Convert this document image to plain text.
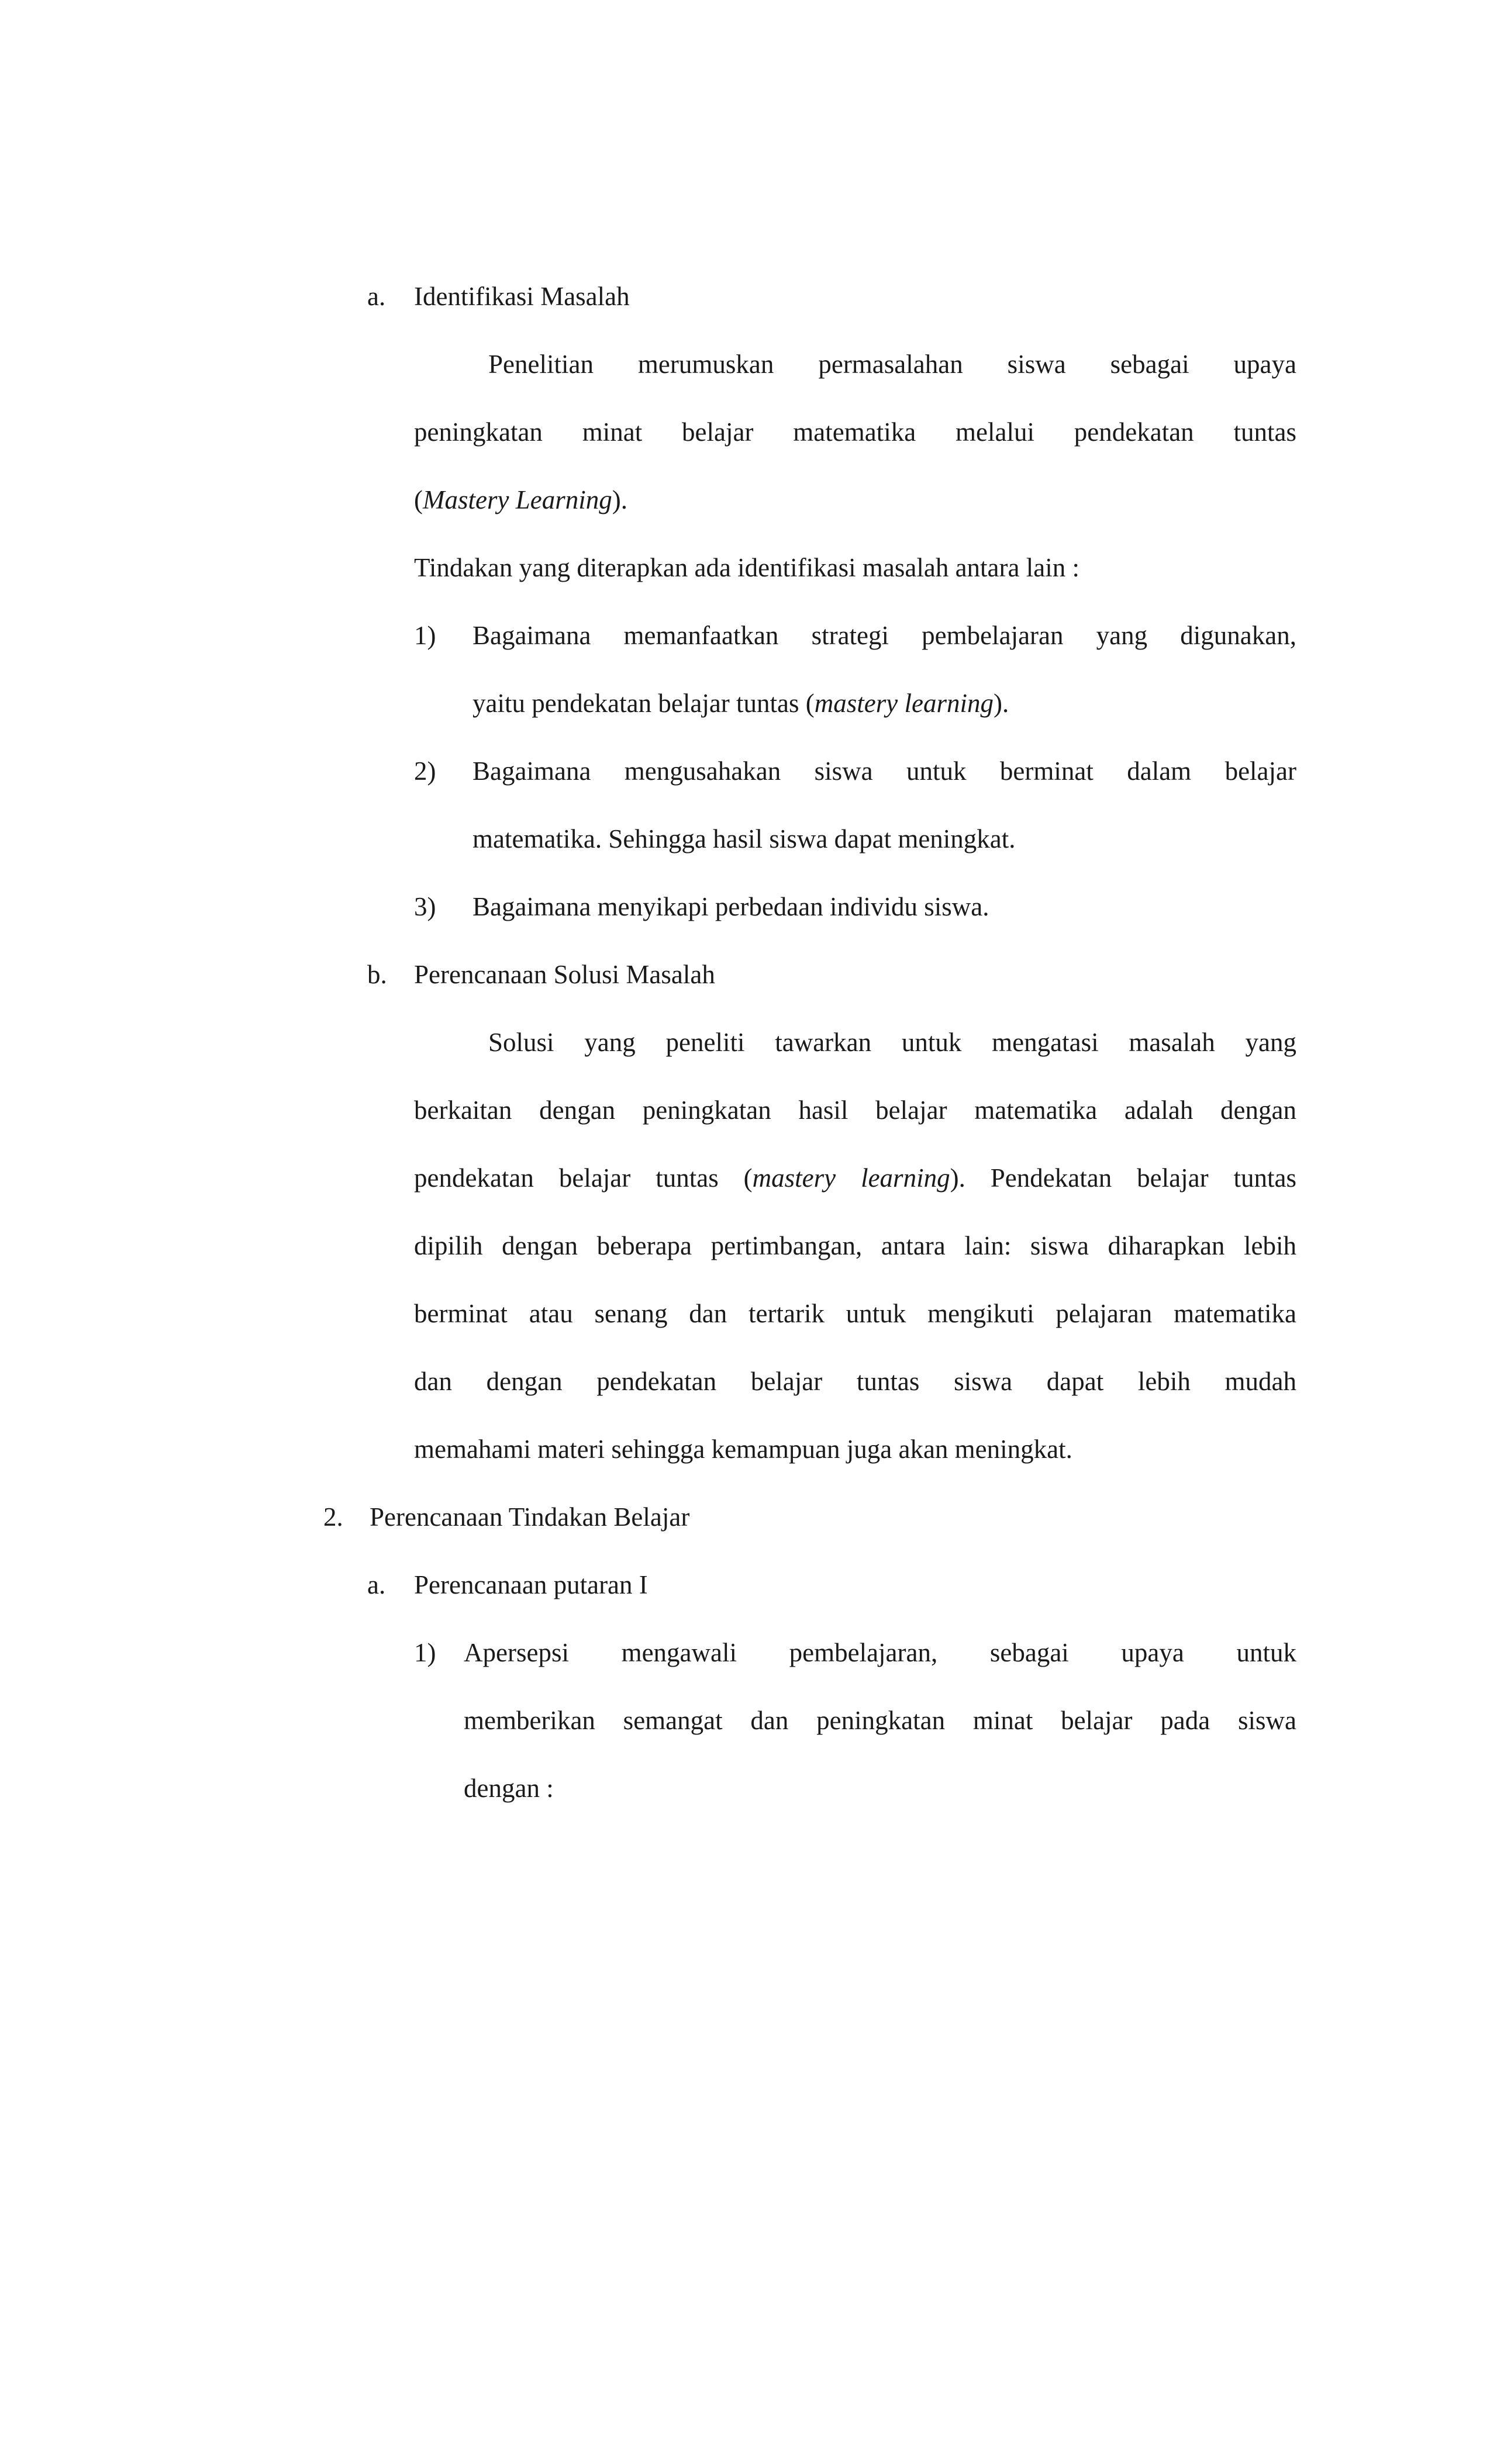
a. Identifikasi Masalah
Penelitian merumuskan permasalahan siswa sebagai upaya
peningkatan minat belajar matematika melalui pendekatan tuntas
(Mastery Learning).
Tindakan yang diterapkan ada identifikasi masalah antara lain :
1) Bagaimana memanfaatkan strategi pembelajaran yang digunakan,
yaitu pendekatan belajar tuntas (mastery learning).
2) Bagaimana mengusahakan siswa untuk berminat dalam belajar
matematika. Sehingga hasil siswa dapat meningkat.
3) Bagaimana menyikapi perbedaan individu siswa.
b. Perencanaan Solusi Masalah
Solusi yang peneliti tawarkan untuk mengatasi masalah yang
berkaitan dengan peningkatan hasil belajar matematika adalah dengan
pendekatan belajar tuntas (mastery learning). Pendekatan belajar tuntas
dipilih dengan beberapa pertimbangan, antara lain: siswa diharapkan lebih
berminat atau senang dan tertarik untuk mengikuti pelajaran matematika
dan dengan pendekatan belajar tuntas siswa dapat lebih mudah
memahami materi sehingga kemampuan juga akan meningkat.
2. Perencanaan Tindakan Belajar
a. Perencanaan putaran I
1) Apersepsi mengawali pembelajaran, sebagai upaya untuk
memberikan semangat dan peningkatan minat belajar pada siswa
dengan :
